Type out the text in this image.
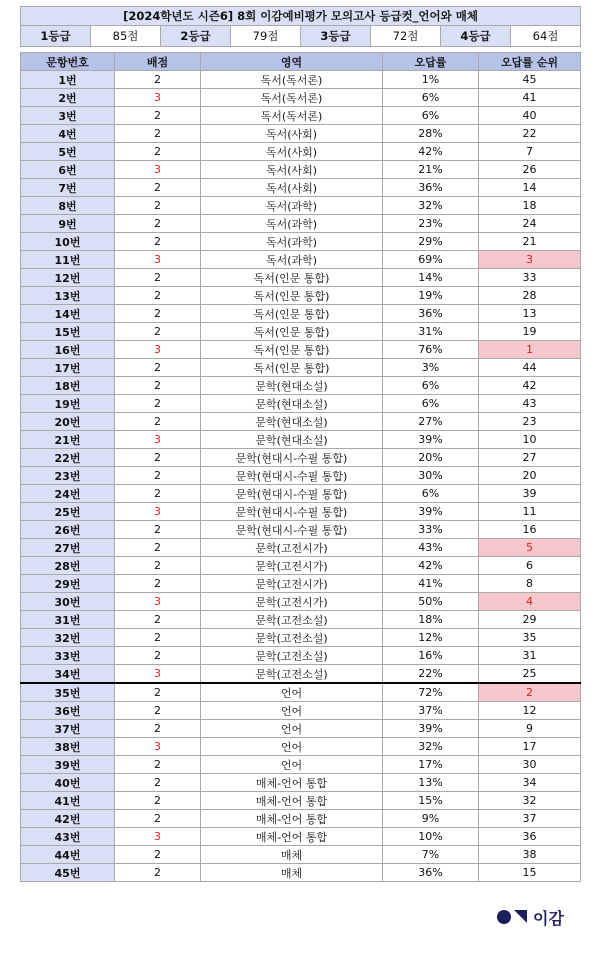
[2024학년도 시즌6] 8회 이감예비평가 모의고사 등급컷_언어와 매체
1등급	85점	2등급	79점	3등급	72점	4등급	64점
문항번호	배점	영역	오답률	오답률 순위
1번	2	독서(독서론)	1%	45
2번	3	독서(독서론)	6%	41
3번	2	독서(독서론)	6%	40
4번	2	독서(사회)	28%	22
5번	2	독서(사회)	42%	7
6번	3	독서(사회)	21%	26
7번	2	독서(사회)	36%	14
8번	2	독서(과학)	32%	18
9번	2	독서(과학)	23%	24
10번	2	독서(과학)	29%	21
11번	3	독서(과학)	69%	3
12번	2	독서(인문 통합)	14%	33
13번	2	독서(인문 통합)	19%	28
14번	2	독서(인문 통합)	36%	13
15번	2	독서(인문 통합)	31%	19
16번	3	독서(인문 통합)	76%	1
17번	2	독서(인문 통합)	3%	44
18번	2	문학(현대소설)	6%	42
19번	2	문학(현대소설)	6%	43
20번	2	문학(현대소설)	27%	23
21번	3	문학(현대소설)	39%	10
22번	2	문학(현대시-수필 통합)	20%	27
23번	2	문학(현대시-수필 통합)	30%	20
24번	2	문학(현대시-수필 통합)	6%	39
25번	3	문학(현대시-수필 통합)	39%	11
26번	2	문학(현대시-수필 통합)	33%	16
27번	2	문학(고전시가)	43%	5
28번	2	문학(고전시가)	42%	6
29번	2	문학(고전시가)	41%	8
30번	3	문학(고전시가)	50%	4
31번	2	문학(고전소설)	18%	29
32번	2	문학(고전소설)	12%	35
33번	2	문학(고전소설)	16%	31
34번	3	문학(고전소설)	22%	25
35번	2	언어	72%	2
36번	2	언어	37%	12
37번	2	언어	39%	9
38번	3	언어	32%	17
39번	2	언어	17%	30
40번	2	매체-언어 통합	13%	34
41번	2	매체-언어 통합	15%	32
42번	2	매체-언어 통합	9%	37
43번	3	매체-언어 통합	10%	36
44번	2	매체	7%	38
45번	2	매체	36%	15
이감
